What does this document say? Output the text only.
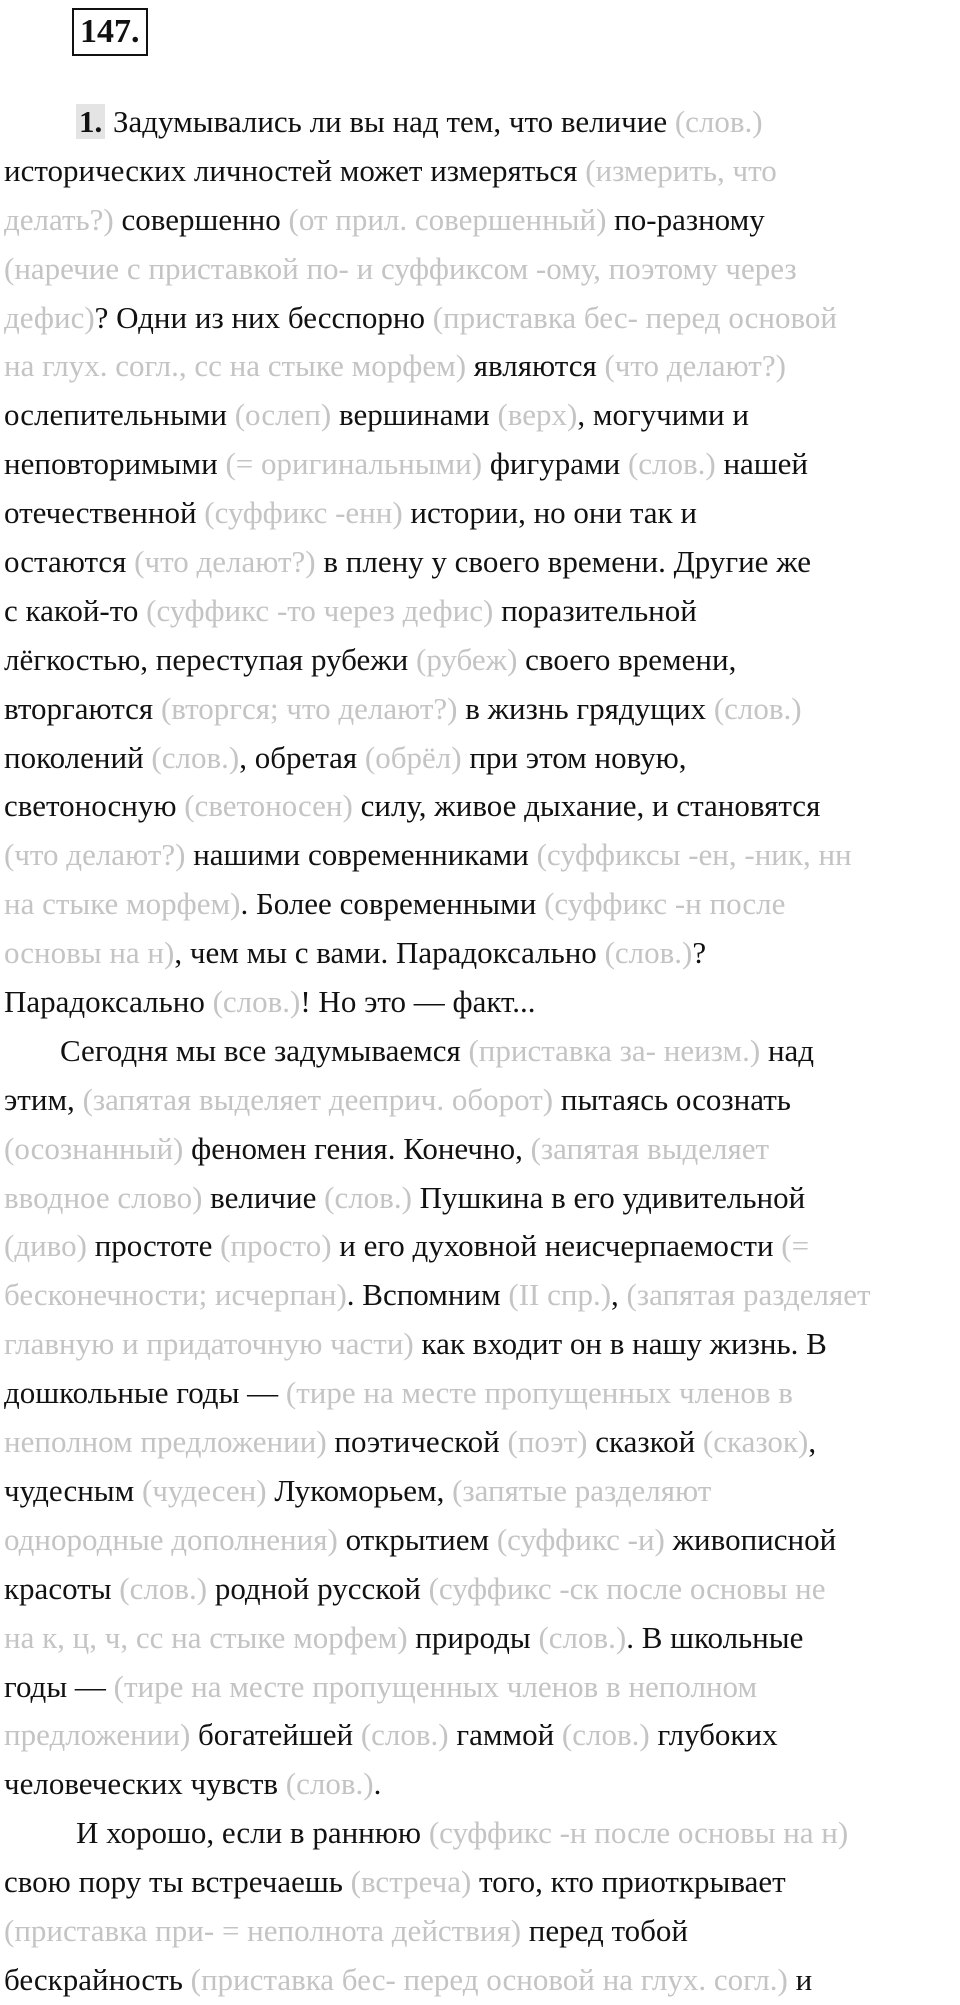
147.
1. Задумывались ли вы над тем, что величие (слов.)
исторических личностей может измеряться (измерить, что
делать?) совершенно (от прил. совершенный) по-разному
(наречие с приставкой по- и суффиксом -ому, поэтому через
дефис)? Одни из них бесспорно (приставка бес- перед основой
на глух. согл., сс на стыке морфем) являются (что делают?)
ослепительными (ослеп) вершинами (верх), могучими и
неповторимыми (= оригинальными) фигурами (слов.) нашей
отечественной (суффикс -енн) истории, но они так и
остаются (что делают?) в плену у своего времени. Другие же
с какой-то (суффикс -то через дефис) поразительной
лёгкостью, переступая рубежи (рубеж) своего времени,
вторгаются (вторгся; что делают?) в жизнь грядущих (слов.)
поколений (слов.), обретая (обрёл) при этом новую,
светоносную (светоносен) силу, живое дыхание, и становятся
(что делают?) нашими современниками (суффиксы -ен, -ник, нн
на стыке морфем). Более современными (суффикс -н после
основы на н), чем мы с вами. Парадоксально (слов.)?
Парадоксально (слов.)! Но это — факт...
Сегодня мы все задумываемся (приставка за- неизм.) над
этим, (запятая выделяет дееприч. оборот) пытаясь осознать
(осознанный) феномен гения. Конечно, (запятая выделяет
вводное слово) величие (слов.) Пушкина в его удивительной
(диво) простоте (просто) и его духовной неисчерпаемости (=
бесконечности; исчерпан). Вспомним (II спр.), (запятая разделяет
главную и придаточную части) как входит он в нашу жизнь. В
дошкольные годы — (тире на месте пропущенных членов в
неполном предложении) поэтической (поэт) сказкой (сказок),
чудесным (чудесен) Лукоморьем, (запятые разделяют
однородные дополнения) открытием (суффикс -и) живописной
красоты (слов.) родной русской (суффикс -ск после основы не
на к, ц, ч, сс на стыке морфем) природы (слов.). В школьные
годы — (тире на месте пропущенных членов в неполном
предложении) богатейшей (слов.) гаммой (слов.) глубоких
человеческих чувств (слов.).
И хорошо, если в раннюю (суффикс -н после основы на н)
свою пору ты встречаешь (встреча) того, кто приоткрывает
(приставка при- = неполнота действия) перед тобой
бескрайность (приставка бес- перед основой на глух. согл.) и
